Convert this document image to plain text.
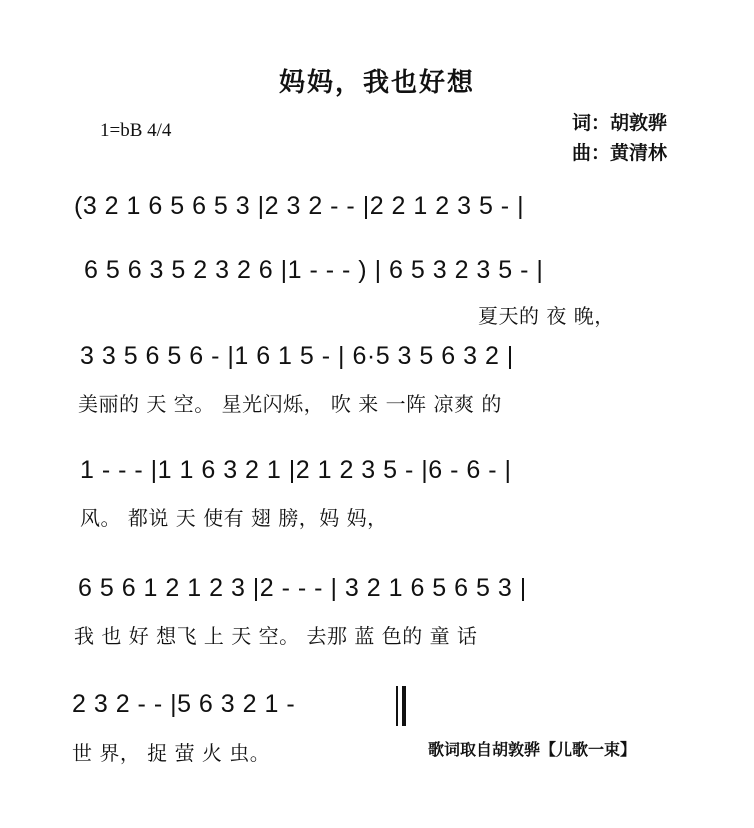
妈妈，我也好想
1=bB 4/4	词：胡敦骅
曲：黄清林
(3 2 1 6 5 6 5 3 |2 3 2 - - |2 2 1 2 3 5 - |
6 5 6 3 5 2 3 2 6 |1 - - - ) | 6 5 3 2 3 5 - |
夏天的 夜 晚，
3 3 5 6 5 6 - |1 6 1 5 - | 6·5 3 5 6 3 2 |
美丽的 天 空。 星光闪烁， 吹 来 一阵 凉爽 的
1 - - - |1 1 6 3 2 1 |2 1 2 3 5 - |6 - 6 - |
风。 都说 天 使有 翅 膀，妈 妈，
6 5 6 1 2 1 2 3 |2 - - - | 3 2 1 6 5 6 5 3 |
我 也 好 想飞 上 天 空。 去那 蓝 色的 童 话
2 3 2 - - |5 6 3 2 1 -
世 界， 捉 萤 火 虫。	歌词取自胡敦骅【儿歌一束】
